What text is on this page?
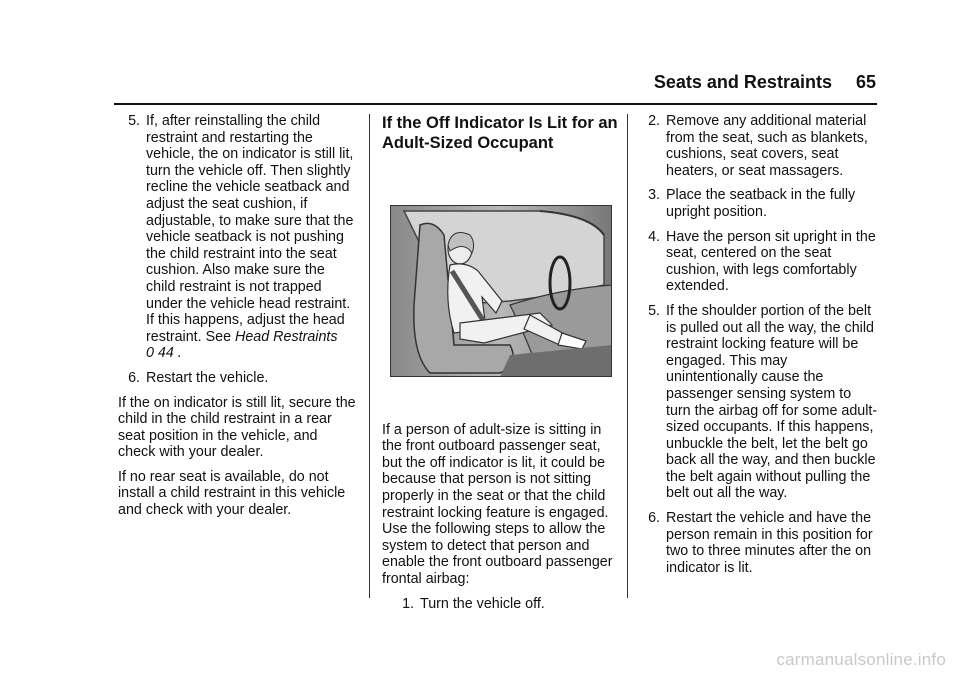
Seats and Restraints 65
5. If, after reinstalling the child restraint and restarting the vehicle, the on indicator is still lit, turn the vehicle off. Then slightly recline the vehicle seatback and adjust the seat cushion, if adjustable, to make sure that the vehicle seatback is not pushing the child restraint into the seat cushion. Also make sure the child restraint is not trapped under the vehicle head restraint.
If this happens, adjust the head restraint. See Head Restraints
0 44 .
6. Restart the vehicle.

If the on indicator is still lit, secure the child in the child restraint in a rear seat position in the vehicle, and check with your dealer.

If no rear seat is available, do not install a child restraint in this vehicle and check with your dealer.

If the Off Indicator Is Lit for an Adult-Sized Occupant

If a person of adult-size is sitting in the front outboard passenger seat, but the off indicator is lit, it could be because that person is not sitting properly in the seat or that the child restraint locking feature is engaged. Use the following steps to allow the system to detect that person and enable the front outboard passenger frontal airbag:

1. Turn the vehicle off.
2. Remove any additional material from the seat, such as blankets, cushions, seat covers, seat heaters, or seat massagers.
3. Place the seatback in the fully upright position.
4. Have the person sit upright in the seat, centered on the seat cushion, with legs comfortably extended.
5. If the shoulder portion of the belt is pulled out all the way, the child restraint locking feature will be engaged. This may unintentionally cause the passenger sensing system to turn the airbag off for some adult-sized occupants. If this happens, unbuckle the belt, let the belt go back all the way, and then buckle the belt again without pulling the belt out all the way.
6. Restart the vehicle and have the person remain in this position for two to three minutes after the on indicator is lit.
carmanualsonline.info
